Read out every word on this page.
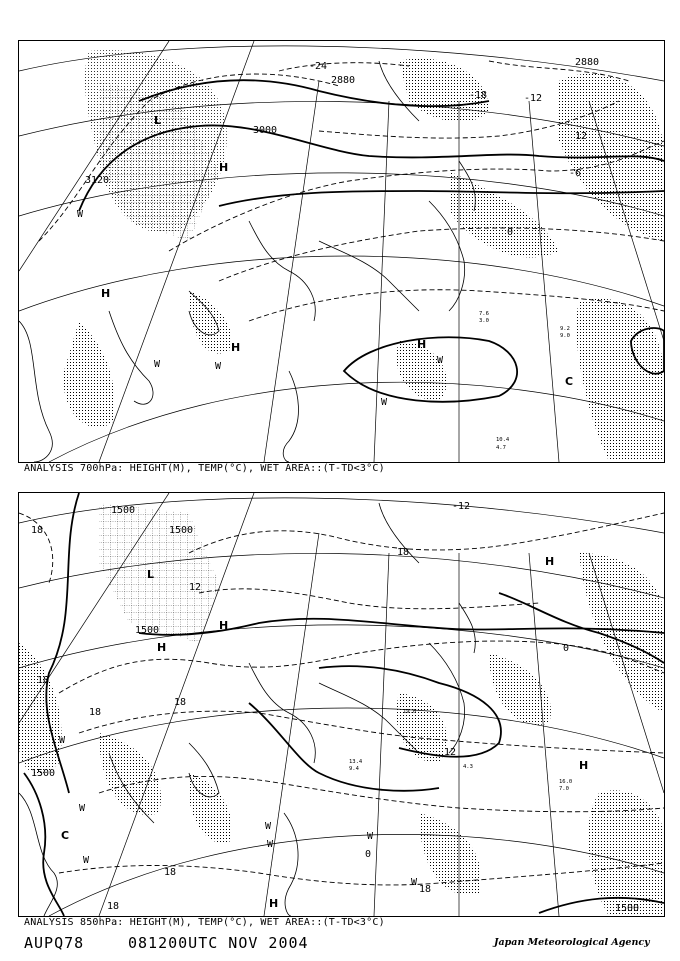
3000
3120
2880
2880
-24
-18	-12
12
0
-6
L
H
H	H
H
C
W
W	W
W
W
10.4
4.7
9.2
9.0
7.6
3.0
ANALYSIS 700hPa: HEIGHT(M), TEMP(°C), WET AREA::(T-TD<3°C)
1500
1500
1500
1500
1500
18
12
-12
0
18
18
18
18
12
18
18
18
0
L
H
H
H
C
H
H
W
W
W
W
W
W
W
16.0
7.0
19.0
4.3
13.4
9.4
ANALYSIS 850hPa: HEIGHT(M), TEMP(°C), WET AREA::(T-TD<3°C)
AUPQ78	081200UTC NOV 2004	Japan Meteorological Agency
